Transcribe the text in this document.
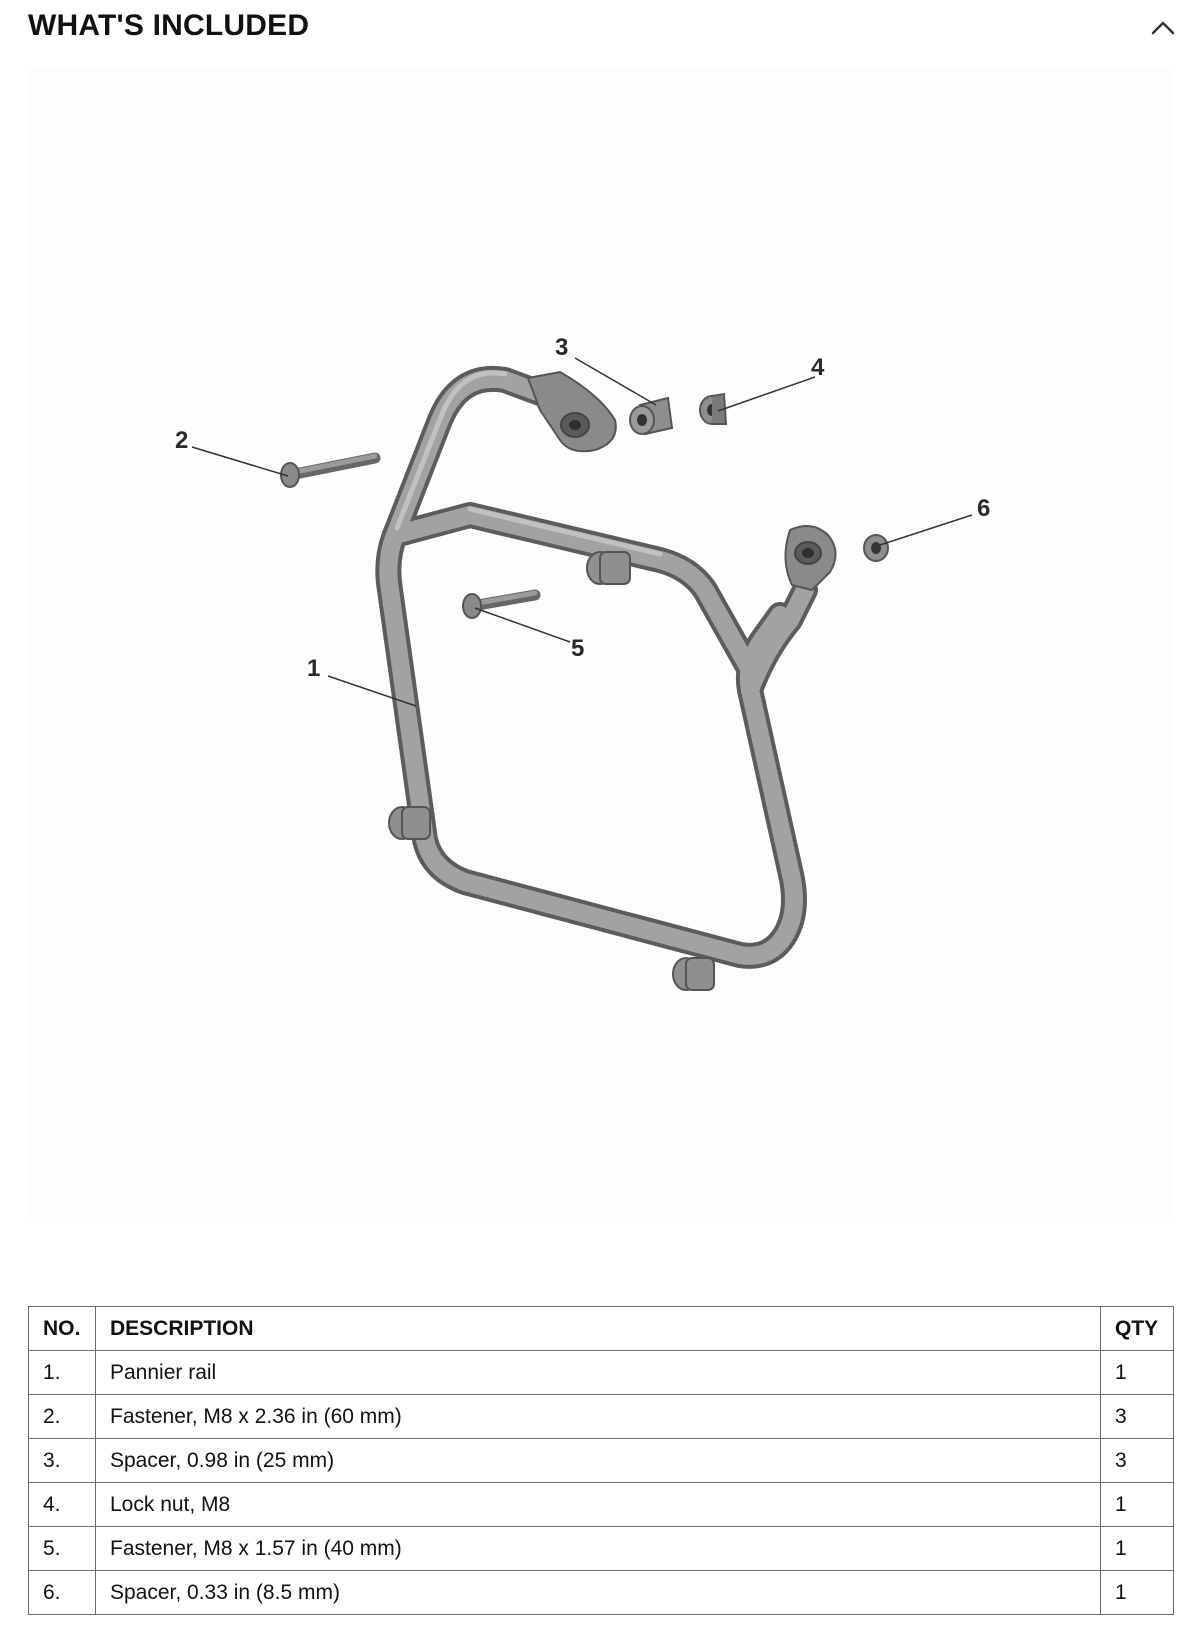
WHAT'S INCLUDED
1
2
3
4
5
6
NO.	DESCRIPTION	QTY
1.	Pannier rail	1
2.	Fastener, M8 x 2.36 in (60 mm)	3
3.	Spacer, 0.98 in (25 mm)	3
4.	Lock nut, M8	1
5.	Fastener, M8 x 1.57 in (40 mm)	1
6.	Spacer, 0.33 in (8.5 mm)	1
